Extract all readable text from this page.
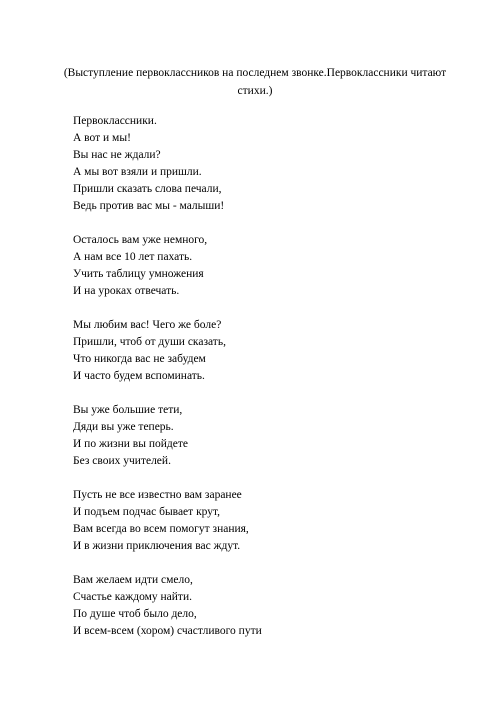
(Выступление первоклассников на последнем звонке.Первоклассники читают стихи.)
Первоклассники.
А вот и мы!
Вы нас не ждали?
А мы вот взяли и пришли.
Пришли сказать слова печали,
Ведь против вас мы - малыши!
Осталось вам уже немного,
А нам все 10 лет пахать.
Учить таблицу умножения
И на уроках отвечать.
Мы любим вас! Чего же боле?
Пришли, чтоб от души сказать,
Что никогда вас не забудем
И часто будем вспоминать.
Вы уже большие тети,
Дяди вы уже теперь.
И по жизни вы пойдете
Без своих учителей.
Пусть не все известно вам заранее
И подъем подчас бывает крут,
Вам всегда во всем помогут знания,
И в жизни приключения вас ждут.
Вам желаем идти смело,
Счастье каждому найти.
По душе чтоб было дело,
И всем-всем (хором) счастливого пути
